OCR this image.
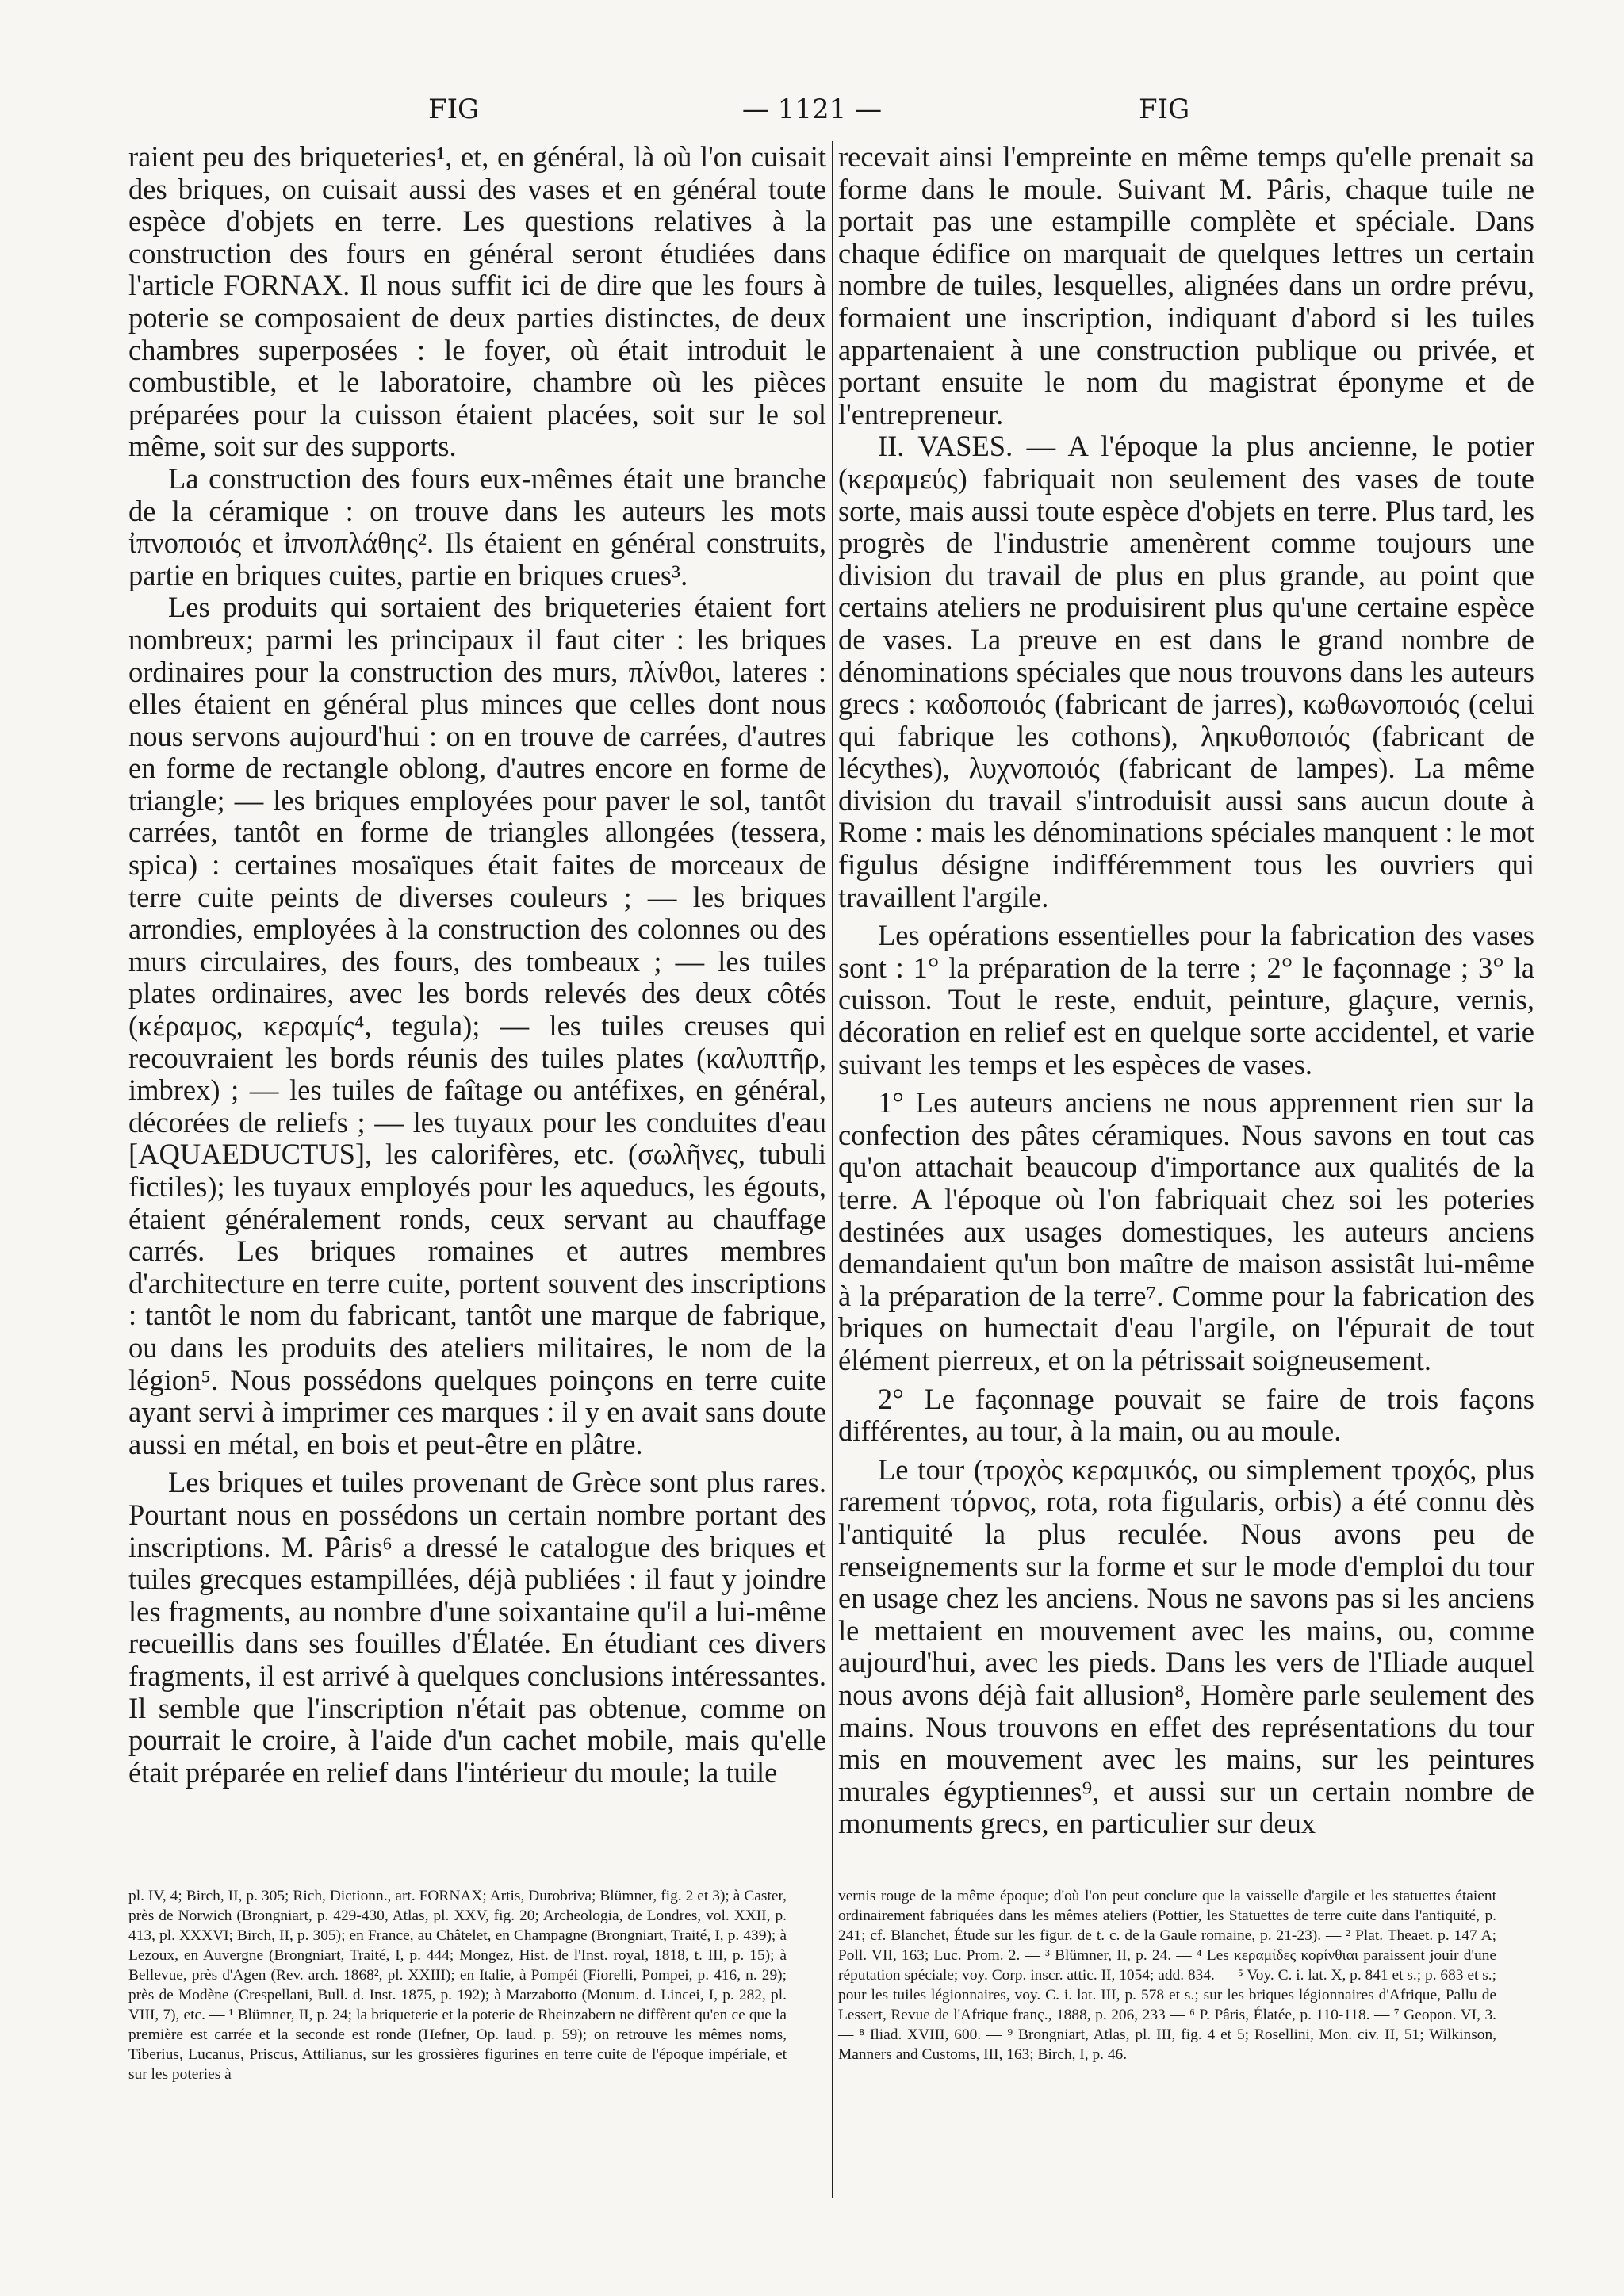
FIG	— 1121 —	FIG

raient peu des briqueteries¹, et, en général, là où l'on cuisait des briques, on cuisait aussi des vases et en général toute espèce d'objets en terre. Les questions relatives à la construction des fours en général seront étudiées dans l'article FORNAX. Il nous suffit ici de dire que les fours à poterie se composaient de deux parties distinctes, de deux chambres superposées : le foyer, où était introduit le combustible, et le laboratoire, chambre où les pièces préparées pour la cuisson étaient placées, soit sur le sol même, soit sur des supports.

La construction des fours eux-mêmes était une branche de la céramique : on trouve dans les auteurs les mots ἰπνοποιός et ἰπνοπλάθης². Ils étaient en général construits, partie en briques cuites, partie en briques crues³.

Les produits qui sortaient des briqueteries étaient fort nombreux; parmi les principaux il faut citer : les briques ordinaires pour la construction des murs, πλίνθοι, lateres : elles étaient en général plus minces que celles dont nous nous servons aujourd'hui : on en trouve de carrées, d'autres en forme de rectangle oblong, d'autres encore en forme de triangle; — les briques employées pour paver le sol, tantôt carrées, tantôt en forme de triangles allongées (tessera, spica) : certaines mosaïques était faites de morceaux de terre cuite peints de diverses couleurs ; — les briques arrondies, employées à la construction des colonnes ou des murs circulaires, des fours, des tombeaux ; — les tuiles plates ordinaires, avec les bords relevés des deux côtés (κέραμος, κεραμίς⁴, tegula); — les tuiles creuses qui recouvraient les bords réunis des tuiles plates (καλυπτῆρ, imbrex) ; — les tuiles de faîtage ou antéfixes, en général, décorées de reliefs ; — les tuyaux pour les conduites d'eau [AQUAEDUCTUS], les calorifères, etc. (σωλῆνες, tubuli fictiles); les tuyaux employés pour les aqueducs, les égouts, étaient généralement ronds, ceux servant au chauffage carrés. Les briques romaines et autres membres d'architecture en terre cuite, portent souvent des inscriptions : tantôt le nom du fabricant, tantôt une marque de fabrique, ou dans les produits des ateliers militaires, le nom de la légion⁵. Nous possédons quelques poinçons en terre cuite ayant servi à imprimer ces marques : il y en avait sans doute aussi en métal, en bois et peut-être en plâtre.

Les briques et tuiles provenant de Grèce sont plus rares. Pourtant nous en possédons un certain nombre portant des inscriptions. M. Pâris⁶ a dressé le catalogue des briques et tuiles grecques estampillées, déjà publiées : il faut y joindre les fragments, au nombre d'une soixantaine qu'il a lui-même recueillis dans ses fouilles d'Élatée. En étudiant ces divers fragments, il est arrivé à quelques conclusions intéressantes. Il semble que l'inscription n'était pas obtenue, comme on pourrait le croire, à l'aide d'un cachet mobile, mais qu'elle était préparée en relief dans l'intérieur du moule; la tuile

recevait ainsi l'empreinte en même temps qu'elle prenait sa forme dans le moule. Suivant M. Pâris, chaque tuile ne portait pas une estampille complète et spéciale. Dans chaque édifice on marquait de quelques lettres un certain nombre de tuiles, lesquelles, alignées dans un ordre prévu, formaient une inscription, indiquant d'abord si les tuiles appartenaient à une construction publique ou privée, et portant ensuite le nom du magistrat éponyme et de l'entrepreneur.

II. VASES. — A l'époque la plus ancienne, le potier (κεραμεύς) fabriquait non seulement des vases de toute sorte, mais aussi toute espèce d'objets en terre. Plus tard, les progrès de l'industrie amenèrent comme toujours une division du travail de plus en plus grande, au point que certains ateliers ne produisirent plus qu'une certaine espèce de vases. La preuve en est dans le grand nombre de dénominations spéciales que nous trouvons dans les auteurs grecs : καδοποιός (fabricant de jarres), κωθωνοποιός (celui qui fabrique les cothons), ληκυθοποιός (fabricant de lécythes), λυχνοποιός (fabricant de lampes). La même division du travail s'introduisit aussi sans aucun doute à Rome : mais les dénominations spéciales manquent : le mot figulus désigne indifféremment tous les ouvriers qui travaillent l'argile.

Les opérations essentielles pour la fabrication des vases sont : 1° la préparation de la terre ; 2° le façonnage ; 3° la cuisson. Tout le reste, enduit, peinture, glaçure, vernis, décoration en relief est en quelque sorte accidentel, et varie suivant les temps et les espèces de vases.

1° Les auteurs anciens ne nous apprennent rien sur la confection des pâtes céramiques. Nous savons en tout cas qu'on attachait beaucoup d'importance aux qualités de la terre. A l'époque où l'on fabriquait chez soi les poteries destinées aux usages domestiques, les auteurs anciens demandaient qu'un bon maître de maison assistât lui-même à la préparation de la terre⁷. Comme pour la fabrication des briques on humectait d'eau l'argile, on l'épurait de tout élément pierreux, et on la pétrissait soigneusement.

2° Le façonnage pouvait se faire de trois façons différentes, au tour, à la main, ou au moule.

Le tour (τροχὸς κεραμικός, ou simplement τροχός, plus rarement τόρνος, rota, rota figularis, orbis) a été connu dès l'antiquité la plus reculée. Nous avons peu de renseignements sur la forme et sur le mode d'emploi du tour en usage chez les anciens. Nous ne savons pas si les anciens le mettaient en mouvement avec les mains, ou, comme aujourd'hui, avec les pieds. Dans les vers de l'Iliade auquel nous avons déjà fait allusion⁸, Homère parle seulement des mains. Nous trouvons en effet des représentations du tour mis en mouvement avec les mains, sur les peintures murales égyptiennes⁹, et aussi sur un certain nombre de monuments grecs, en particulier sur deux

pl. IV, 4; Birch, II, p. 305; Rich, Dictionn., art. FORNAX; Artis, Durobriva; Blümner, fig. 2 et 3); à Caster, près de Norwich (Brongniart, p. 429-430, Atlas, pl. XXV, fig. 20; Archeologia, de Londres, vol. XXII, p. 413, pl. XXXVI; Birch, II, p. 305); en France, au Châtelet, en Champagne (Brongniart, Traité, I, p. 439); à Lezoux, en Auvergne (Brongniart, Traité, I, p. 444; Mongez, Hist. de l'Inst. royal, 1818, t. III, p. 15); à Bellevue, près d'Agen (Rev. arch. 1868², pl. XXIII); en Italie, à Pompéi (Fiorelli, Pompei, p. 416, n. 29); près de Modène (Crespellani, Bull. d. Inst. 1875, p. 192); à Marzabotto (Monum. d. Lincei, I, p. 282, pl. VIII, 7), etc. — ¹ Blümner, II, p. 24; la briqueterie et la poterie de Rheinzabern ne diffèrent qu'en ce que la première est carrée et la seconde est ronde (Hefner, Op. laud. p. 59); on retrouve les mêmes noms, Tiberius, Lucanus, Priscus, Attilianus, sur les grossières figurines en terre cuite de l'époque impériale, et sur les poteries à
vernis rouge de la même époque; d'où l'on peut conclure que la vaisselle d'argile et les statuettes étaient ordinairement fabriquées dans les mêmes ateliers (Pottier, les Statuettes de terre cuite dans l'antiquité, p. 241; cf. Blanchet, Étude sur les figur. de t. c. de la Gaule romaine, p. 21-23). — ² Plat. Theaet. p. 147 A; Poll. VII, 163; Luc. Prom. 2. — ³ Blümner, II, p. 24. — ⁴ Les κεραμίδες κορίνθιαι paraissent jouir d'une réputation spéciale; voy. Corp. inscr. attic. II, 1054; add. 834. — ⁵ Voy. C. i. lat. X, p. 841 et s.; p. 683 et s.; pour les tuiles légionnaires, voy. C. i. lat. III, p. 578 et s.; sur les briques légionnaires d'Afrique, Pallu de Lessert, Revue de l'Afrique franç., 1888, p. 206, 233 — ⁶ P. Pâris, Élatée, p. 110-118. — ⁷ Geopon. VI, 3. — ⁸ Iliad. XVIII, 600. — ⁹ Brongniart, Atlas, pl. III, fig. 4 et 5; Rosellini, Mon. civ. II, 51; Wilkinson, Manners and Customs, III, 163; Birch, I, p. 46.
